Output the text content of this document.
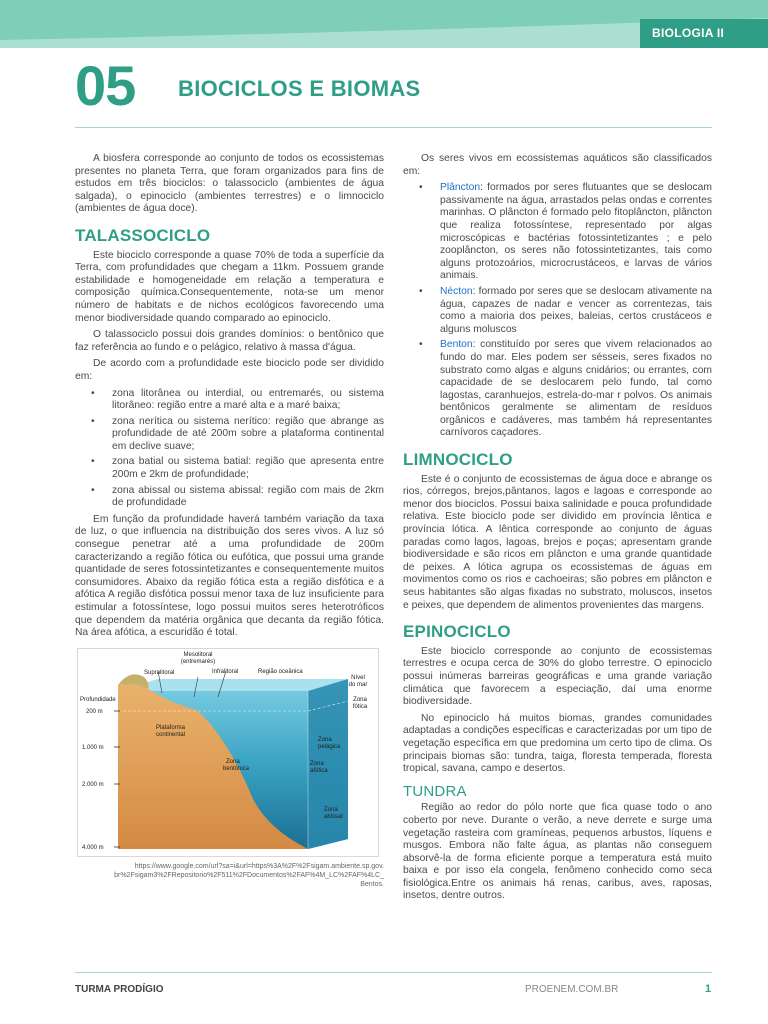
BIOLOGIA II
05 BIOCICLOS E BIOMAS

A biosfera corresponde ao conjunto de todos os ecossistemas presentes no planeta Terra, que foram organizados para fins de estudos em três biociclos: o talassociclo (ambientes de água salgada), o epinociclo (ambientes terrestres) e o limnociclo (ambientes de água doce).

TALASSOCICLO

Este biociclo corresponde a quase 70% de toda a superfície da Terra, com profundidades que chegam a 11km. Possuem grande estabilidade e homogeneidade em relação a temperatura e composição química.Consequentemente, nota-se um menor número de habitats e de nichos ecológicos favorecendo uma menor biodiversidade quando comparado ao epinociclo.

O talassociclo possui dois grandes domínios: o bentônico que faz referência ao fundo e o pelágico, relativo à massa d'água.

De acordo com a profundidade este biociclo pode ser dividido em:

• zona litorânea ou interdial, ou entremarés, ou sistema litorâneo: região entre a maré alta e a maré baixa;
• zona nerítica ou sistema nerítico: região que abrange as profundidade de até 200m sobre a plataforma continental em declive suave;
• zona batial ou sistema batial: região que apresenta entre 200m e 2km de profundidade;
• zona abissal ou sistema abissal: região com mais de 2km de profundidade

Em função da profundidade haverá também variação da taxa de luz, o que influencia na distribuição dos seres vivos. A luz só consegue penetrar até a uma profundidade de 200m caracterizando a região fótica ou eufótica, que possui uma grande quantidade de seres fotossintetizantes e consequentemente muitos consumidores. Abaixo da região fótica esta a região disfótica e a afótica A região disfótica possui menor taxa de luz insuficiente para estimular a fotossíntese, logo possui muitos seres heterotróficos que dependem da matéria orgânica que decanta da região fótica. Na área afótica, a escuridão é total.

Mesolitoral
(entremarés)
Supralitoral	Infralitoral	Região oceânica
Nível
do mar
Zona
fótica
Profundidade
200 m
1.000 m
2.000 m
4.000 m
Plataforma
continental
Zona
pelágica
Zona
bentônica
Zona
afótica
Zona
abissal
https://www.google.com/url?sa=i&url=https%3A%2F%2Fsigam.ambiente.sp.gov.
br%2Fsigam3%2FRepositorio%2F511%2FDocumentos%2FAF%4M_LC%2FAF%4LC_
Bentos.

Os seres vivos em ecossistemas aquáticos são classificados em:

• Plâncton: formados por seres flutuantes que se deslocam passivamente na água, arrastados pelas ondas e correntes marinhas. O plâncton é formado pelo fitoplâncton, plâncton que realiza fotossíntese, representado por algas microscópicas e bactérias fotossintetizantes ; e pelo zooplâncton, os seres não fotossintetizantes, tais como alguns protozoários, microcrustáceos, e larvas de vários animais.
• Nécton: formado por seres que se deslocam ativamente na água, capazes de nadar e vencer as correntezas, tais como a maioria dos peixes, baleias, certos crustáceos e alguns moluscos
• Benton: constituído por seres que vivem relacionados ao fundo do mar. Eles podem ser sésseis, seres fixados no substrato como algas e alguns cnidários; ou errantes, com capacidade de se deslocarem pelo fundo, tal como lagostas, caranhuejos, estrela-do-mar r polvos. Os animais bentônicos geralmente se alimentam de resíduos orgânicos e cadáveres, mas também há representantes carnívoros caçadores.
LIMNOCICLO

Este é o conjunto de ecossistemas de água doce e abrange os rios, córregos, brejos,pântanos, lagos e lagoas e corresponde ao menor dos biociclos. Possui baixa salinidade e pouca profundidade relativa. Este biociclo pode ser dividido em província lêntica e província lótica. A lêntica corresponde ao conjunto de águas paradas como lagos, lagoas, brejos e poças; apresentam grande biodiversidade e são ricos em plâncton e uma grande quantidade de peixes. A lótica agrupa os ecossistemas de águas em movimentos como os rios e cachoeiras; são pobres em plâncton e seus habitantes são algas fixadas no substrato, moluscos, insetos e peixes, que dependem de alimentos provenientes das margens.

EPINOCICLO

Este biociclo corresponde ao conjunto de ecossistemas terrestres e ocupa cerca de 30% do globo terrestre. O epinociclo possui inúmeras barreiras geográficas e uma grande variação climática que favorecem a especiação, daí uma enorme biodiversidade.

No epinociclo há muitos biomas, grandes comunidades adaptadas a condições específicas e caracterizadas por um tipo de vegetação específica em que predomina um certo tipo de clima. Os principais biomas são: tundra, taiga, floresta temperada, floresta tropical, savana, campo e desertos.

TUNDRA

Região ao redor do pólo norte que fica quase todo o ano coberto por neve. Durante o verão, a neve derrete e surge uma vegetação rasteira com gramíneas, pequenos arbustos, líquens e musgos. Embora não falte água, as plantas não conseguem absorvê-la de forma eficiente porque a temperatura está muito baixa e por isso ela congela, fenômeno conhecido como seca fisiológica.Entre os animais há renas, caribus, aves, raposas, insetos, dentre outros.

TURMA PRODÍGIO	PROENEM.COM.BR	1
